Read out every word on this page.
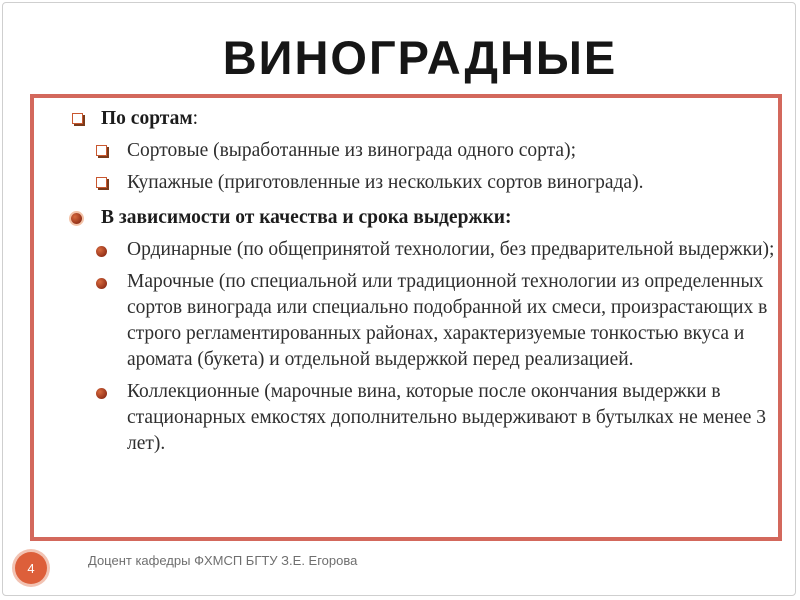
ВИНОГРАДНЫЕ
По сортам:
Сортовые (выработанные из винограда одного сорта);
Купажные (приготовленные из нескольких сортов винограда).
В зависимости от качества и срока выдержки:
Ординарные (по общепринятой технологии, без предварительной выдержки);
Марочные (по специальной или традиционной технологии из определенных сортов винограда или специально подобранной их смеси, произрастающих в строго регламентированных районах, характеризуемые тонкостью вкуса и аромата (букета) и отдельной выдержкой перед реализацией.
Коллекционные (марочные вина, которые после окончания выдержки в стационарных емкостях дополнительно выдерживают в бутылках не менее 3 лет).
4	Доцент кафедры ФХМСП БГТУ З.Е. Егорова
